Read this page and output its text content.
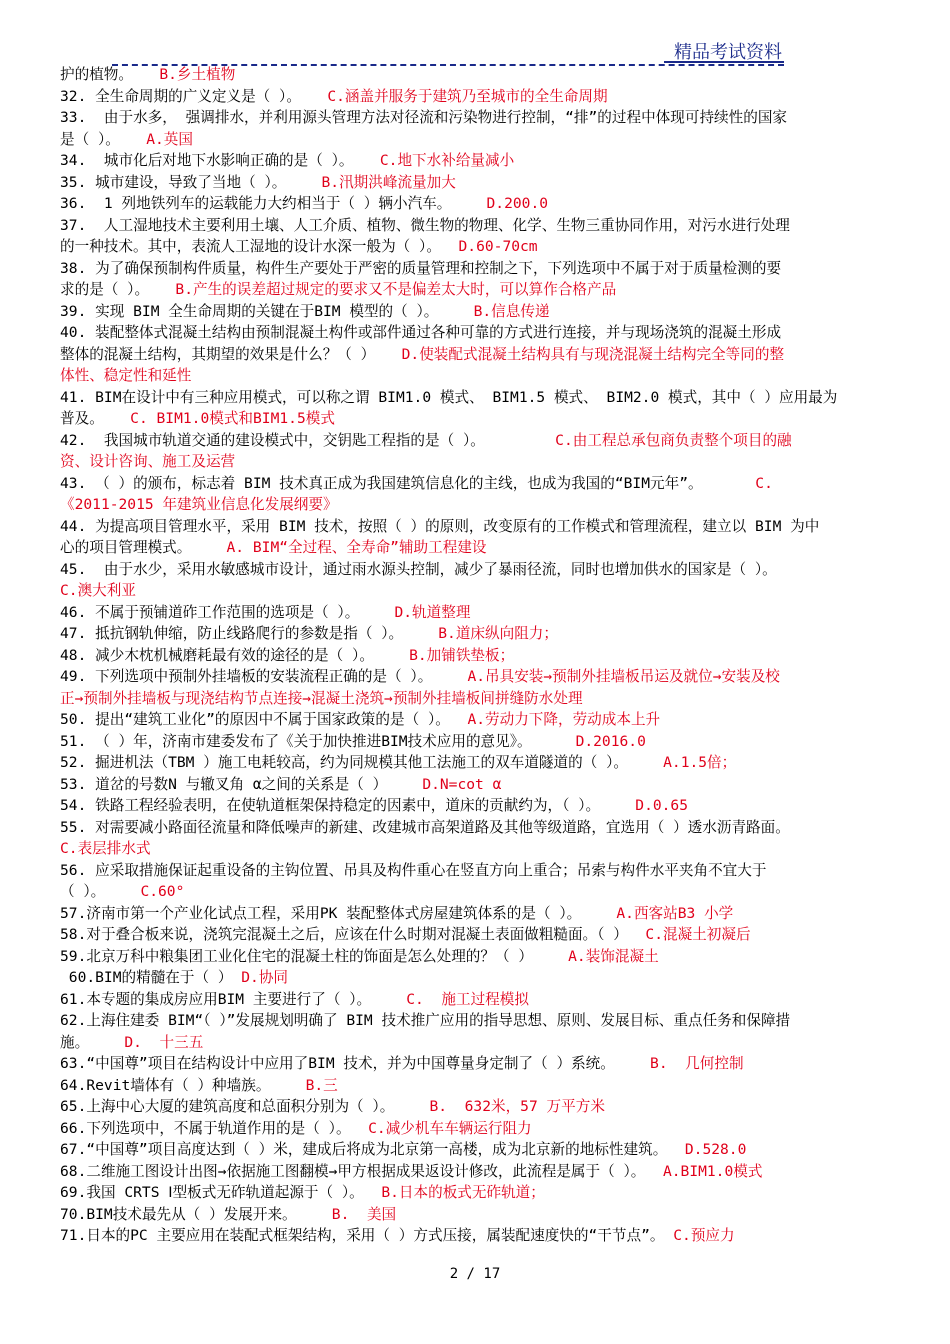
精品考试资料
护的植物。 B.乡土植物
32. 全生命周期的广义定义是（ ）。 C.涵盖并服务于建筑乃至城市的全生命周期
33.  由于水多， 强调排水，并利用源头管理方法对径流和污染物进行控制，“排”的过程中体现可持续性的国家
是（ ）。 A.英国
34.  城市化后对地下水影响正确的是（ ）。 C.地下水补给量减小
35. 城市建设，导致了当地（ ）。 B.汛期洪峰流量加大
36.  1 列地铁列车的运载能力大约相当于（ ）辆小汽车。 D.200.0
37.  人工湿地技术主要利用土壤、人工介质、植物、微生物的物理、化学、生物三重协同作用，对污水进行处理
的一种技术。其中，表流人工湿地的设计水深一般为（ ）。 D.60-70cm
38. 为了确保预制构件质量，构件生产要处于严密的质量管理和控制之下，下列选项中不属于对于质量检测的要
求的是（ ）。 B.产生的误差超过规定的要求又不是偏差太大时，可以算作合格产品
39. 实现 BIM 全生命周期的关键在于BIM 模型的（ ）。 B.信息传递
40. 装配整体式混凝土结构由预制混凝土构件或部件通过各种可靠的方式进行连接，并与现场浇筑的混凝土形成
整体的混凝土结构，其期望的效果是什么？（ ） D.使装配式混凝土结构具有与现浇混凝土结构完全等同的整
体性、稳定性和延性
41. BIM在设计中有三种应用模式，可以称之谓 BIM1.0 模式、 BIM1.5 模式、 BIM2.0 模式，其中（ ）应用最为
普及。 C. BIM1.0模式和BIM1.5模式
42.  我国城市轨道交通的建设模式中，交钥匙工程指的是（ ）。	C.由工程总承包商负责整个项目的融
资、设计咨询、施工及运营
43. （ ）的颁布，标志着 BIM 技术真正成为我国建筑信息化的主线，也成为我国的“BIM元年”。	C.
《2011-2015 年建筑业信息化发展纲要》
44. 为提高项目管理水平，采用 BIM 技术，按照（ ）的原则，改变原有的工作模式和管理流程，建立以 BIM 为中
心的项目管理模式。 A. BIM“全过程、全寿命”辅助工程建设
45.  由于水少，采用水敏感城市设计，通过雨水源头控制，减少了暴雨径流，同时也增加供水的国家是（ ）。
C.澳大利亚
46. 不属于预铺道砟工作范围的选项是（ ）。 D.轨道整理
47. 抵抗钢轨伸缩，防止线路爬行的参数是指（ ）。 B.道床纵向阻力；
48. 减少木枕机械磨耗最有效的途径的是（ ）。 B.加铺铁垫板；
49. 下列选项中预制外挂墙板的安装流程正确的是（ ）。 A.吊具安装→预制外挂墙板吊运及就位→安装及校
正→预制外挂墙板与现浇结构节点连接→混凝土浇筑→预制外挂墙板间拼缝防水处理
50. 提出“建筑工业化”的原因中不属于国家政策的是（ ）。 A.劳动力下降，劳动成本上升
51. （ ）年，济南市建委发布了《关于加快推进BIM技术应用的意见》。	D.2016.0
52. 掘进机法（TBM ）施工电耗较高，约为同规模其他工法施工的双车道隧道的（ ）。 A.1.5倍；
53. 道岔的号数N 与辙叉角 α之间的关系是（ ） D.N=cot α
54. 铁路工程经验表明，在使轨道框架保持稳定的因素中，道床的贡献约为，（ ）。 D.0.65
55. 对需要减小路面径流量和降低噪声的新建、改建城市高架道路及其他等级道路，宜选用（ ）透水沥青路面。
C.表层排水式
56. 应采取措施保证起重设备的主钩位置、吊具及构件重心在竖直方向上重合；吊索与构件水平夹角不宜大于
（ ）。 C.60°
57.济南市第一个产业化试点工程，采用PK 装配整体式房屋建筑体系的是（ ）。 A.西客站B3 小学
58.对于叠合板来说，浇筑完混凝土之后，应该在什么时期对混凝土表面做粗糙面。（ ） C.混凝土初凝后
59.北京万科中粮集团工业化住宅的混凝土柱的饰面是怎么处理的？（ ） A.装饰混凝土
60.BIM的精髓在于（ ） D.协同
61.本专题的集成房应用BIM 主要进行了（ ）。 C.  施工过程模拟
62.上海住建委 BIM“（ ）”发展规划明确了 BIM 技术推广应用的指导思想、原则、发展目标、重点任务和保障措
施。 D.  十三五
63.“中国尊”项目在结构设计中应用了BIM 技术，并为中国尊量身定制了（ ）系统。 B.  几何控制
64.Revit墙体有（ ）种墙族。 B.三
65.上海中心大厦的建筑高度和总面积分别为（ ）。 B.  632米，57 万平方米
66.下列选项中，不属于轨道作用的是（ ）。 C.减少机车车辆运行阻力
67.“中国尊”项目高度达到（ ）米，建成后将成为北京第一高楼，成为北京新的地标性建筑。 D.528.0
68.二维施工图设计出图→依据施工图翻模→甲方根据成果返设计修改，此流程是属于（ ）。 A.BIM1.0模式
69.我国 CRTS Ⅰ型板式无砟轨道起源于（ ）。 B.日本的板式无砟轨道；
70.BIM技术最先从（ ）发展开来。 B.  美国
71.日本的PC 主要应用在装配式框架结构，采用（ ）方式压接，属装配速度快的“干节点”。 C.预应力
2 / 17
